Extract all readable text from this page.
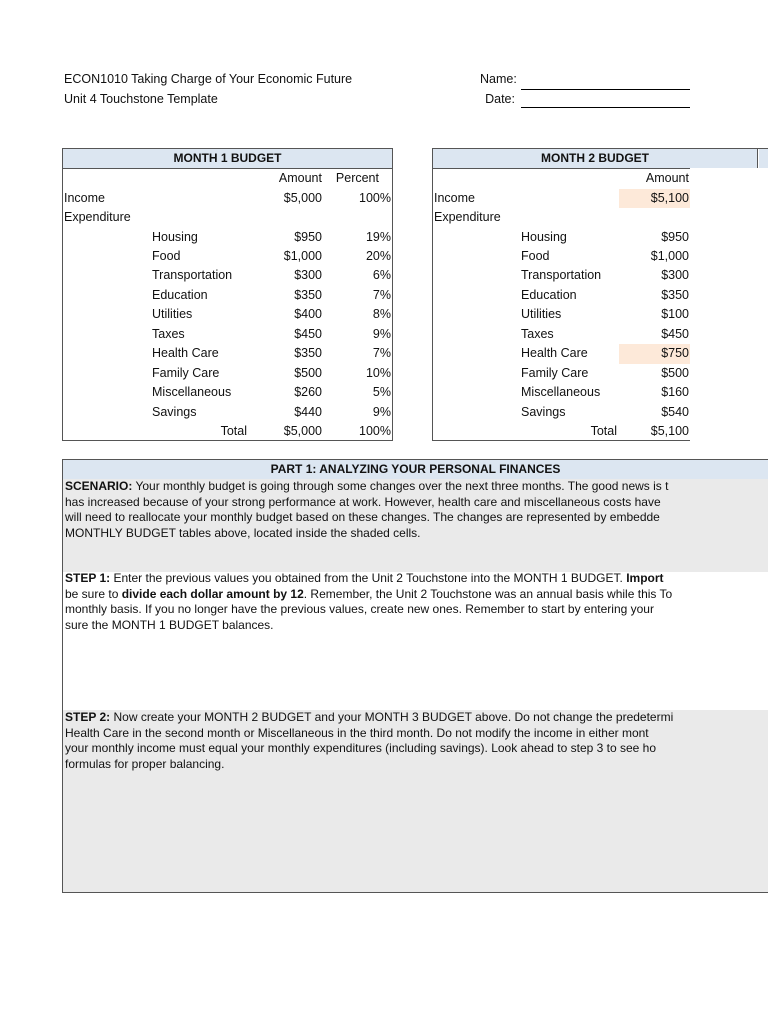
ECON1010 Taking Charge of Your Economic Future
Unit 4 Touchstone Template
Name:
Date:
MONTH 1 BUDGET
Amount Percent
Income	$5,000	100%
Expenditure
Housing	$950	19%
Food	$1,000	20%
Transportation	$300	6%
Education	$350	7%
Utilities	$400	8%
Taxes	$450	9%
Health Care	$350	7%
Family Care	$500	10%
Miscellaneous	$260	5%
Savings	$440	9%
Total	$5,000	100%
MONTH 2 BUDGET
Amount
Income	$5,100
Expenditure
Housing	$950
Food	$1,000
Transportation	$300
Education	$350
Utilities	$100
Taxes	$450
Health Care	$750
Family Care	$500
Miscellaneous	$160
Savings	$540
Total	$5,100
PART 1: ANALYZING YOUR PERSONAL FINANCES
SCENARIO: Your monthly budget is going through some changes over the next three months. The good news is t
has increased because of your strong performance at work. However, health care and miscellaneous costs have
will need to reallocate your monthly budget based on these changes. The changes are represented by embedde
MONTHLY BUDGET tables above, located inside the shaded cells.
STEP 1: Enter the previous values you obtained from the Unit 2 Touchstone into the MONTH 1 BUDGET. Import
be sure to divide each dollar amount by 12. Remember, the Unit 2 Touchstone was an annual basis while this To
monthly basis. If you no longer have the previous values, create new ones. Remember to start by entering your
sure the MONTH 1 BUDGET balances.
STEP 2: Now create your MONTH 2 BUDGET and your MONTH 3 BUDGET above. Do not change the predetermi
Health Care in the second month or Miscellaneous in the third month. Do not modify the income in either mont
your monthly income must equal your monthly expenditures (including savings). Look ahead to step 3 to see ho
formulas for proper balancing.
